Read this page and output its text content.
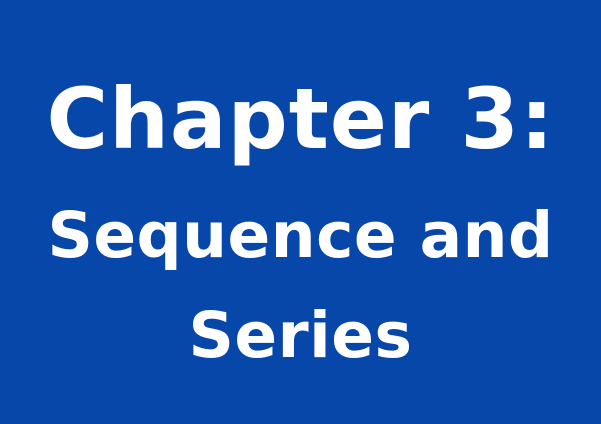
Chapter 3:
Sequence and
Series
